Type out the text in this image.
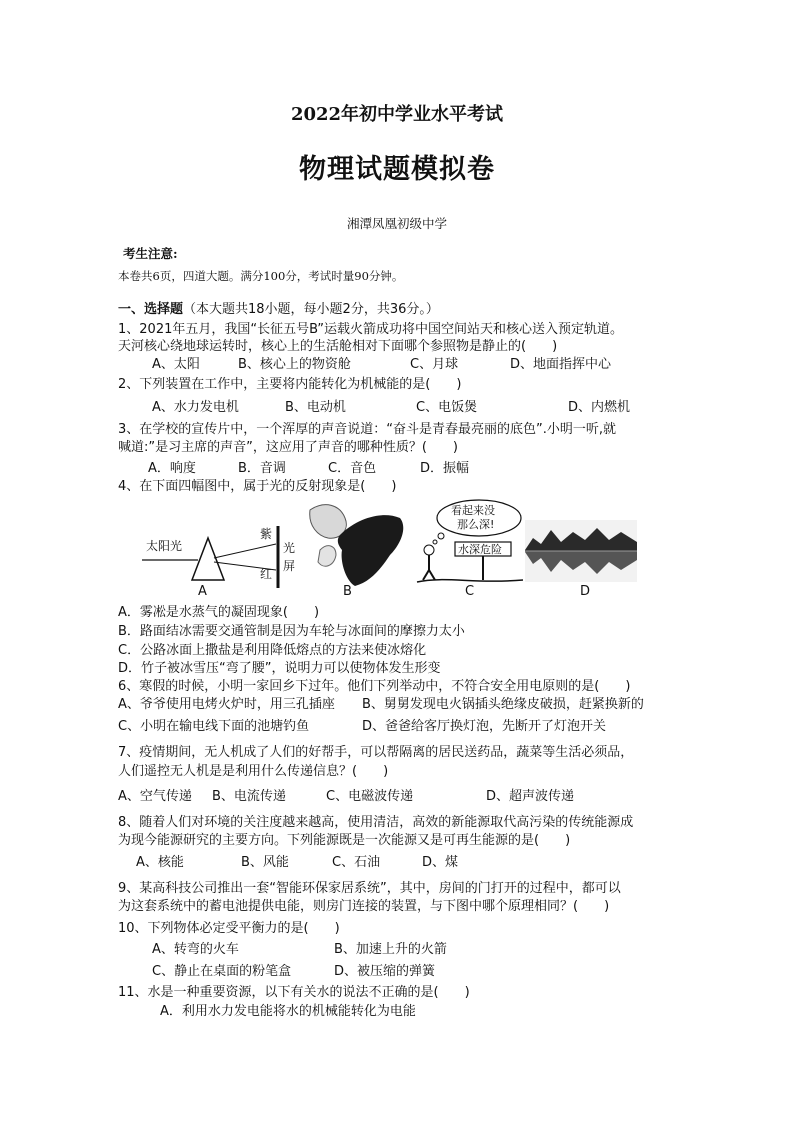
2022年初中学业水平考试
物理试题模拟卷
湘潭凤凰初级中学
考生注意:
本卷共6页，四道大题。满分100分，考试时量90分钟。
一、选择题（本大题共18小题，每小题2分，共36分。）
1、2021年五月，我国“长征五号B”运载火箭成功将中国空间站天和核心送入预定轨道。
天河核心绕地球运转时，核心上的生活舱相对下面哪个参照物是静止的(　　)
A、太阳	B、核心上的物资舱	C、月球	D、地面指挥中心
2、下列装置在工作中，主要将内能转化为机械能的是(　　)
A、水力发电机	B、电动机	C、电饭煲	D、内燃机
3、在学校的宣传片中，一个浑厚的声音说道：“奋斗是青春最亮丽的底色”.小明一听,就
喊道:”是习主席的声音”，这应用了声音的哪种性质？(　　)
A．响度	B．音调	C．音色	D．振幅
4、在下面四幅图中，属于光的反射现象是(　　)
太阳光
紫
红
光
屏
看起来没
那么深!
水深危险
A	B	C	D
A．雾凇是水蒸气的凝固现象(　　)
B．路面结冰需要交通管制是因为车轮与冰面间的摩擦力太小
C．公路冰面上撒盐是利用降低熔点的方法来使冰熔化
D．竹子被冰雪压“弯了腰”，说明力可以使物体发生形变
6、寒假的时候，小明一家回乡下过年。他们下列举动中，不符合安全用电原则的是(　　)
A、爷爷使用电烤火炉时，用三孔插座 B、舅舅发现电火锅插头绝缘皮破损，赶紧换新的
C、小明在输电线下面的池塘钓鱼	D、爸爸给客厅换灯泡，先断开了灯泡开关
7、疫情期间，无人机成了人们的好帮手，可以帮隔离的居民送药品，蔬菜等生活必须品，
人们遥控无人机是是利用什么传递信息？(　　)
A、空气传递 B、电流传递	C、电磁波传递	D、超声波传递
8、随着人们对环境的关注度越来越高，使用清洁，高效的新能源取代高污染的传统能源成
为现今能源研究的主要方向。下列能源既是一次能源又是可再生能源的是(　　)
A、核能	B、风能	C、石油	D、煤
9、某高科技公司推出一套“智能环保家居系统”，其中，房间的门打开的过程中，都可以
为这套系统中的蓄电池提供电能，则房门连接的装置，与下图中哪个原理相同？(　　)
10、下列物体必定受平衡力的是(　　)
A、转弯的火车	B、加速上升的火箭
C、静止在桌面的粉笔盒	D、被压缩的弹簧
11、水是一种重要资源，以下有关水的说法不正确的是(　　)
A．利用水力发电能将水的机械能转化为电能
